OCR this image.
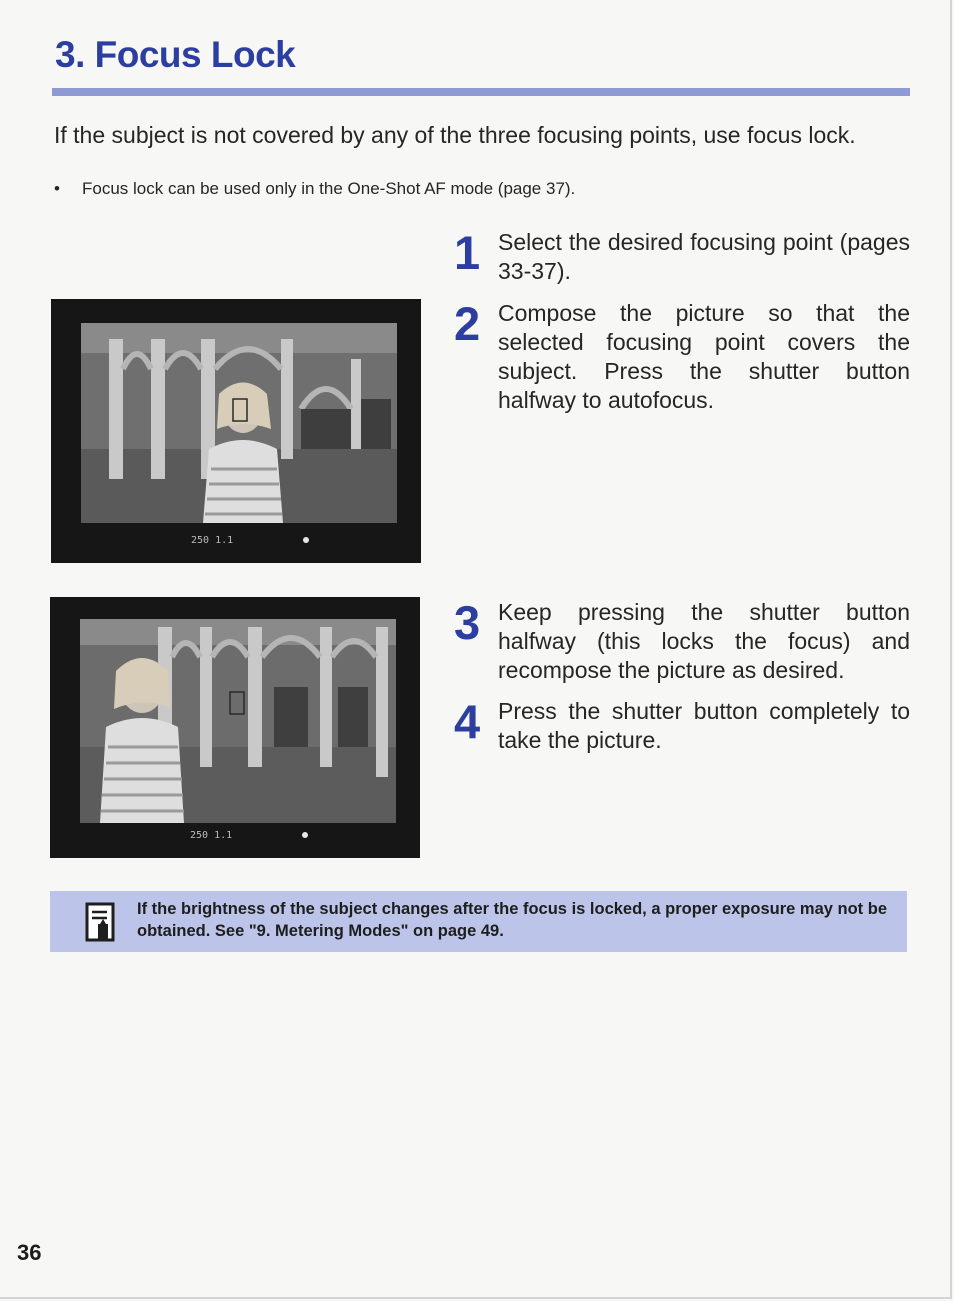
3. Focus Lock

If the subject is not covered by any of the three focusing points, use focus lock.

•	Focus lock can be used only in the One-Shot AF mode (page 37).

1 Select the desired focusing point (pages 33-37).
2 Compose the picture so that the selected focusing point covers the subject. Press the shutter button halfway to autofocus.
3 Keep pressing the shutter button halfway (this locks the focus) and recompose the picture as desired.
4 Press the shutter button completely to take the picture.
250 1.1
250 1.1

If the brightness of the subject changes after the focus is locked, a proper exposure may not be obtained. See "9. Metering Modes" on page 49.

36
